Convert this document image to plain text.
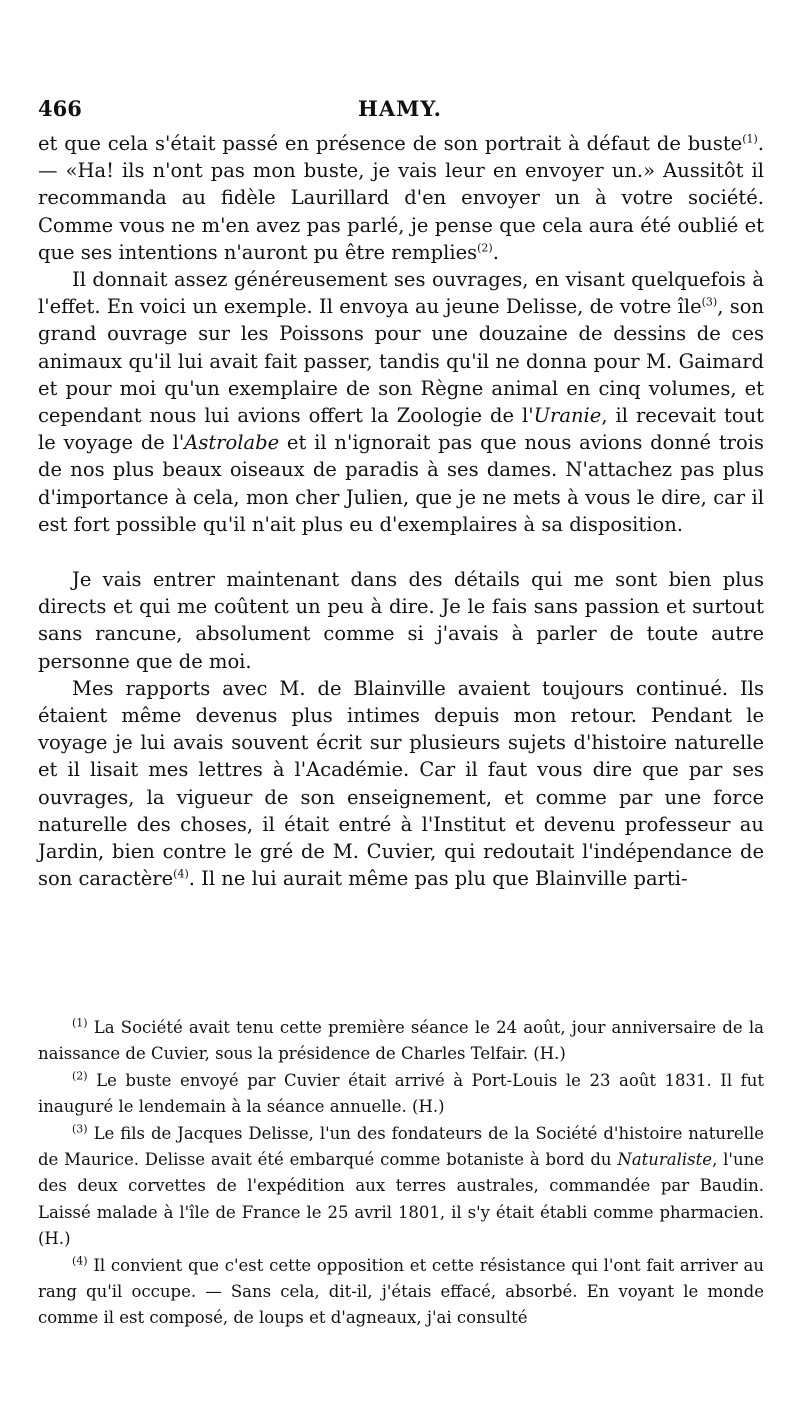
466	HAMY.

et que cela s'était passé en présence de son portrait à défaut de buste$^{(1)}$. — «Ha! ils n'ont pas mon buste, je vais leur en envoyer un.» Aussitôt il recommanda au fidèle Laurillard d'en envoyer un à votre société. Comme vous ne m'en avez pas parlé, je pense que cela aura été oublié et que ses intentions n'auront pu être remplies$^{(2)}$.

Il donnait assez généreusement ses ouvrages, en visant quelquefois à l'effet. En voici un exemple. Il envoya au jeune Delisse, de votre île$^{(3)}$, son grand ouvrage sur les Poissons pour une douzaine de dessins de ces animaux qu'il lui avait fait passer, tandis qu'il ne donna pour M. Gaimard et pour moi qu'un exemplaire de son Règne animal en cinq volumes, et cependant nous lui avions offert la Zoologie de l'Uranie, il recevait tout le voyage de l'Astrolabe et il n'ignorait pas que nous avions donné trois de nos plus beaux oiseaux de paradis à ses dames. N'attachez pas plus d'importance à cela, mon cher Julien, que je ne mets à vous le dire, car il est fort possible qu'il n'ait plus eu d'exemplaires à sa disposition.

Je vais entrer maintenant dans des détails qui me sont bien plus directs et qui me coûtent un peu à dire. Je le fais sans passion et surtout sans rancune, absolument comme si j'avais à parler de toute autre personne que de moi.

Mes rapports avec M. de Blainville avaient toujours continué. Ils étaient même devenus plus intimes depuis mon retour. Pendant le voyage je lui avais souvent écrit sur plusieurs sujets d'histoire naturelle et il lisait mes lettres à l'Académie. Car il faut vous dire que par ses ouvrages, la vigueur de son enseignement, et comme par une force naturelle des choses, il était entré à l'Institut et devenu professeur au Jardin, bien contre le gré de M. Cuvier, qui redoutait l'indépendance de son caractère$^{(4)}$. Il ne lui aurait même pas plu que Blainville parti-

$^{(1)}$ La Société avait tenu cette première séance le 24 août, jour anniversaire de la naissance de Cuvier, sous la présidence de Charles Telfair. (H.)

$^{(2)}$ Le buste envoyé par Cuvier était arrivé à Port-Louis le 23 août 1831. Il fut inauguré le lendemain à la séance annuelle. (H.)

$^{(3)}$ Le fils de Jacques Delisse, l'un des fondateurs de la Société d'histoire naturelle de Maurice. Delisse avait été embarqué comme botaniste à bord du Naturaliste, l'une des deux corvettes de l'expédition aux terres australes, commandée par Baudin. Laissé malade à l'île de France le 25 avril 1801, il s'y était établi comme pharmacien. (H.)

$^{(4)}$ Il convient que c'est cette opposition et cette résistance qui l'ont fait arriver au rang qu'il occupe. — Sans cela, dit-il, j'étais effacé, absorbé. En voyant le monde comme il est composé, de loups et d'agneaux, j'ai consulté
